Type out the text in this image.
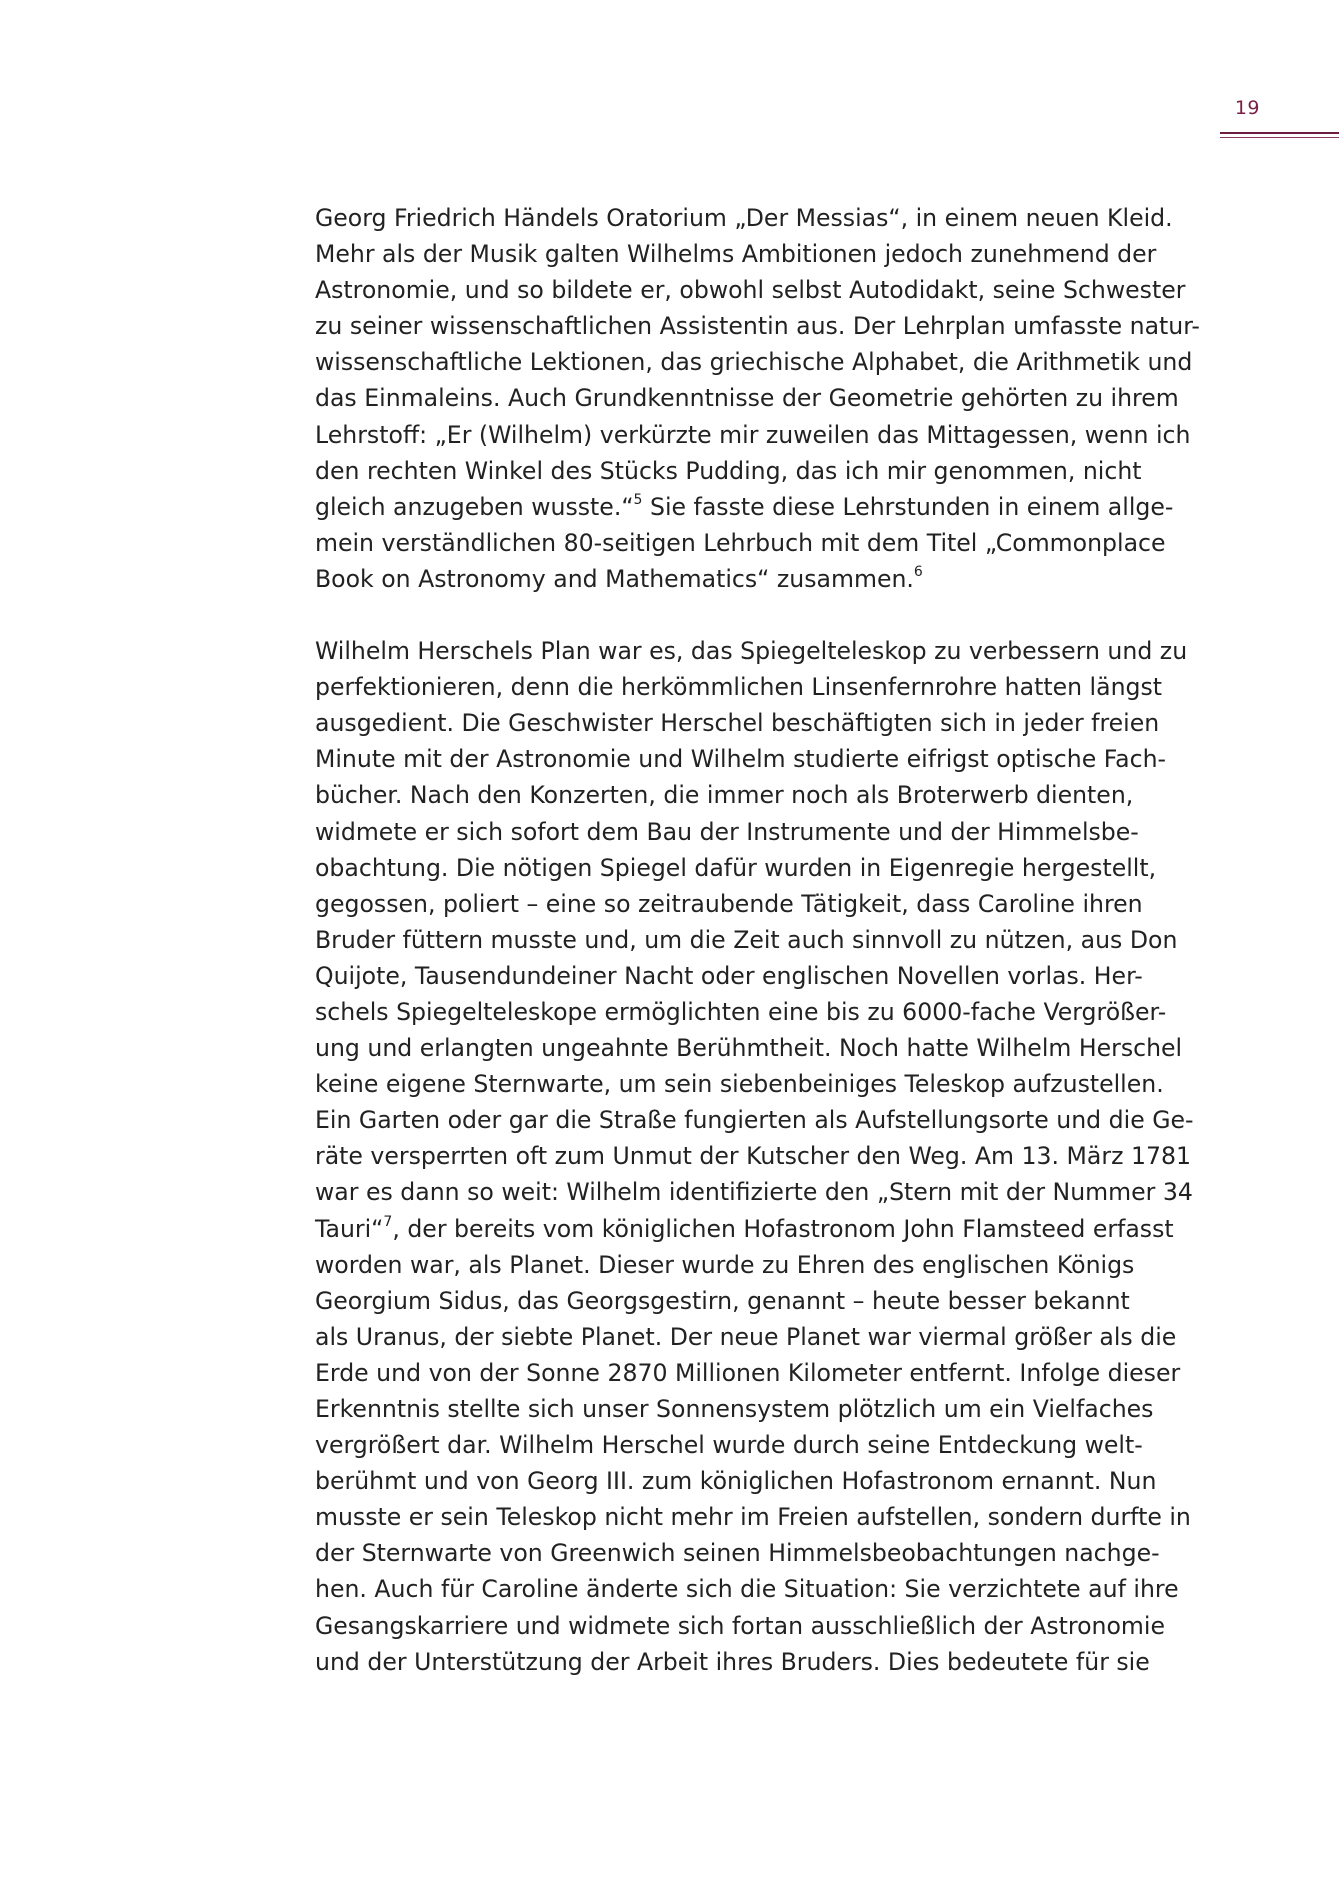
19

Georg Friedrich Händels Oratorium „Der Messias“, in einem neuen Kleid.
Mehr als der Musik galten Wilhelms Ambitionen jedoch zunehmend der
Astronomie, und so bildete er, obwohl selbst Autodidakt, seine Schwester
zu seiner wissenschaftlichen Assistentin aus. Der Lehrplan umfasste natur-
wissenschaftliche Lektionen, das griechische Alphabet, die Arithmetik und
das Einmaleins. Auch Grundkenntnisse der Geometrie gehörten zu ihrem
Lehrstoff: „Er (Wilhelm) verkürzte mir zuweilen das Mittagessen, wenn ich
den rechten Winkel des Stücks Pudding, das ich mir genommen, nicht
gleich anzugeben wusste.“$^5$ Sie fasste diese Lehrstunden in einem allge-
mein verständlichen 80-seitigen Lehrbuch mit dem Titel „Commonplace
Book on Astronomy and Mathematics“ zusammen.$^6$

Wilhelm Herschels Plan war es, das Spiegelteleskop zu verbessern und zu
perfektionieren, denn die herkömmlichen Linsenfernrohre hatten längst
ausgedient. Die Geschwister Herschel beschäftigten sich in jeder freien
Minute mit der Astronomie und Wilhelm studierte eifrigst optische Fach-
bücher. Nach den Konzerten, die immer noch als Broterwerb dienten,
widmete er sich sofort dem Bau der Instrumente und der Himmelsbe-
obachtung. Die nötigen Spiegel dafür wurden in Eigenregie hergestellt,
gegossen, poliert – eine so zeitraubende Tätigkeit, dass Caroline ihren
Bruder füttern musste und, um die Zeit auch sinnvoll zu nützen, aus Don
Quijote, Tausendundeiner Nacht oder englischen Novellen vorlas. Her-
schels Spiegelteleskope ermöglichten eine bis zu 6000-fache Vergrößer-
ung und erlangten ungeahnte Berühmtheit. Noch hatte Wilhelm Herschel
keine eigene Sternwarte, um sein siebenbeiniges Teleskop aufzustellen.
Ein Garten oder gar die Straße fungierten als Aufstellungsorte und die Ge-
räte versperrten oft zum Unmut der Kutscher den Weg. Am 13. März 1781
war es dann so weit: Wilhelm identifizierte den „Stern mit der Nummer 34
Tauri“$^7$, der bereits vom königlichen Hofastronom John Flamsteed erfasst
worden war, als Planet. Dieser wurde zu Ehren des englischen Königs
Georgium Sidus, das Georgsgestirn, genannt – heute besser bekannt
als Uranus, der siebte Planet. Der neue Planet war viermal größer als die
Erde und von der Sonne 2870 Millionen Kilometer entfernt. Infolge dieser
Erkenntnis stellte sich unser Sonnensystem plötzlich um ein Vielfaches
vergrößert dar. Wilhelm Herschel wurde durch seine Entdeckung welt-
berühmt und von Georg III. zum königlichen Hofastronom ernannt. Nun
musste er sein Teleskop nicht mehr im Freien aufstellen, sondern durfte in
der Sternwarte von Greenwich seinen Himmelsbeobachtungen nachge-
hen. Auch für Caroline änderte sich die Situation: Sie verzichtete auf ihre
Gesangskarriere und widmete sich fortan ausschließlich der Astronomie
und der Unterstützung der Arbeit ihres Bruders. Dies bedeutete für sie
